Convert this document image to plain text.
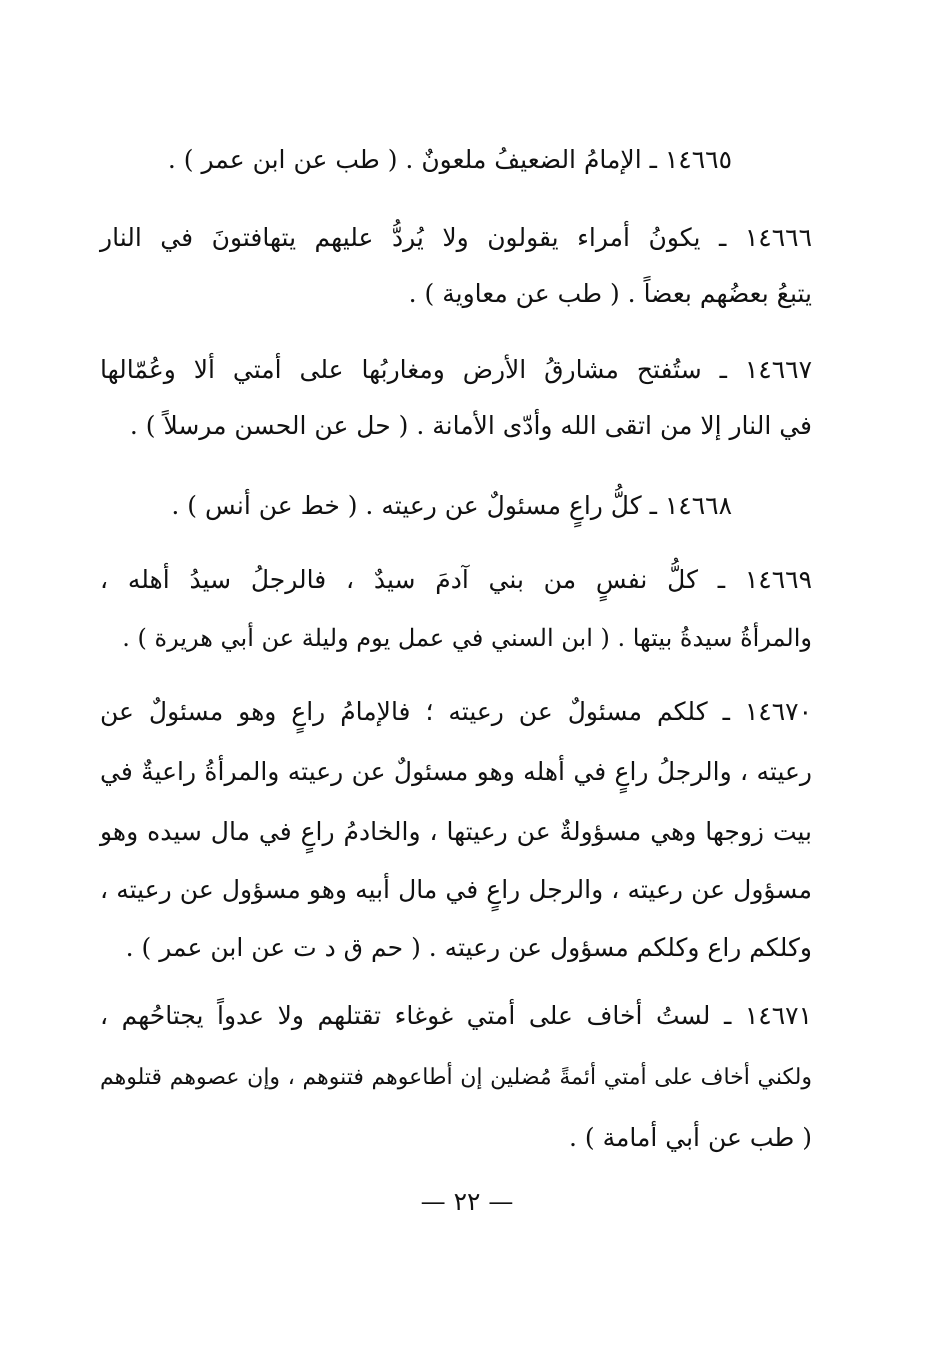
١٤٦٦٥ ـ الإمامُ الضعيفُ ملعونٌ . ( طب عن ابن عمر ) .
١٤٦٦٦ ـ يكونُ أمراء يقولون ولا يُردُّ عليهم يتهافتونَ في النار
يتبعُ بعضُهم بعضاً . ( طب عن معاوية ) .
١٤٦٦٧ ـ ستُفتح مشارقُ الأرض ومغاربُها على أمتي ألا وعُمّالها
في النار إلا من اتقى الله وأدّى الأمانة . ( حل عن الحسن مرسلاً ) .
١٤٦٦٨ ـ كلُّ راعٍ مسئولٌ عن رعيته . ( خط عن أنس ) .
١٤٦٦٩ ـ كلُّ نفسٍ من بني آدمَ سيدٌ ، فالرجلُ سيدُ أهله ،
والمرأةُ سيدةُ بيتها . ( ابن السني في عمل يوم وليلة عن أبي هريرة ) .
١٤٦٧٠ ـ كلكم مسئولٌ عن رعيته ؛ فالإمامُ راعٍ وهو مسئولٌ عن
رعيته ، والرجلُ راعٍ في أهله وهو مسئولٌ عن رعيته والمرأةُ راعيةٌ في
بيت زوجها وهي مسؤولةٌ عن رعيتها ، والخادمُ راعٍ في مال سيده وهو
مسؤول عن رعيته ، والرجل راعٍ في مال أبيه وهو مسؤول عن رعيته ،
وكلكم راع وكلكم مسؤول عن رعيته . ( حم ق د ت عن ابن عمر ) .
١٤٦٧١ ـ لستُ أخاف على أمتي غوغاء تقتلهم ولا عدواً يجتاحُهم ،
ولكني أخاف على أمتي أئمةً مُضلين إن أطاعوهم فتنوهم ، وإن عصوهم قتلوهم
( طب عن أبي أمامة ) .
— ٢٢ —
